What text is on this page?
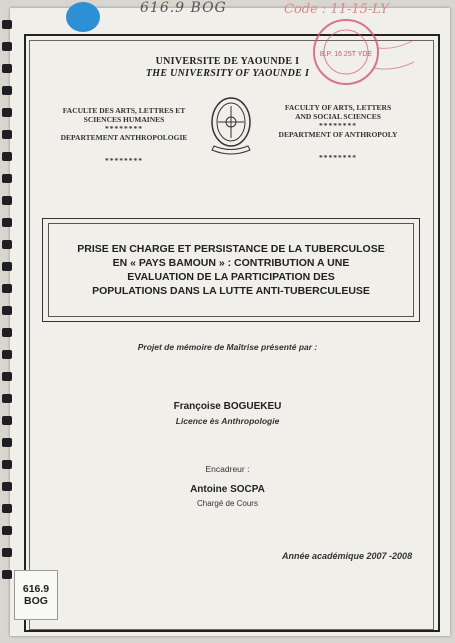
616.9 BOG	Code : 11-15-LY
UNIVERSITE DE YAOUNDE I
THE UNIVERSITY OF YAOUNDE I
B.P. 16 25T YDE
FACULTE DES ARTS, LETTRES ET
SCIENCES HUMAINES
********
DEPARTEMENT ANTHROPOLOGIE
********
FACULTY OF ARTS, LETTERS
AND SOCIAL SCIENCES
********
DEPARTMENT OF ANTHROPOLY
********
PRISE EN CHARGE ET PERSISTANCE DE LA TUBERCULOSE
EN « PAYS BAMOUN » : CONTRIBUTION A UNE
EVALUATION DE LA PARTICIPATION DES
POPULATIONS DANS LA LUTTE ANTI-TUBERCULEUSE
Projet de mémoire de Maîtrise présenté par :
Françoise BOGUEKEU
Licence ès Anthropologie
Encadreur :
Antoine SOCPA
Chargé de Cours
Année académique 2007 -2008
616.9
BOG
